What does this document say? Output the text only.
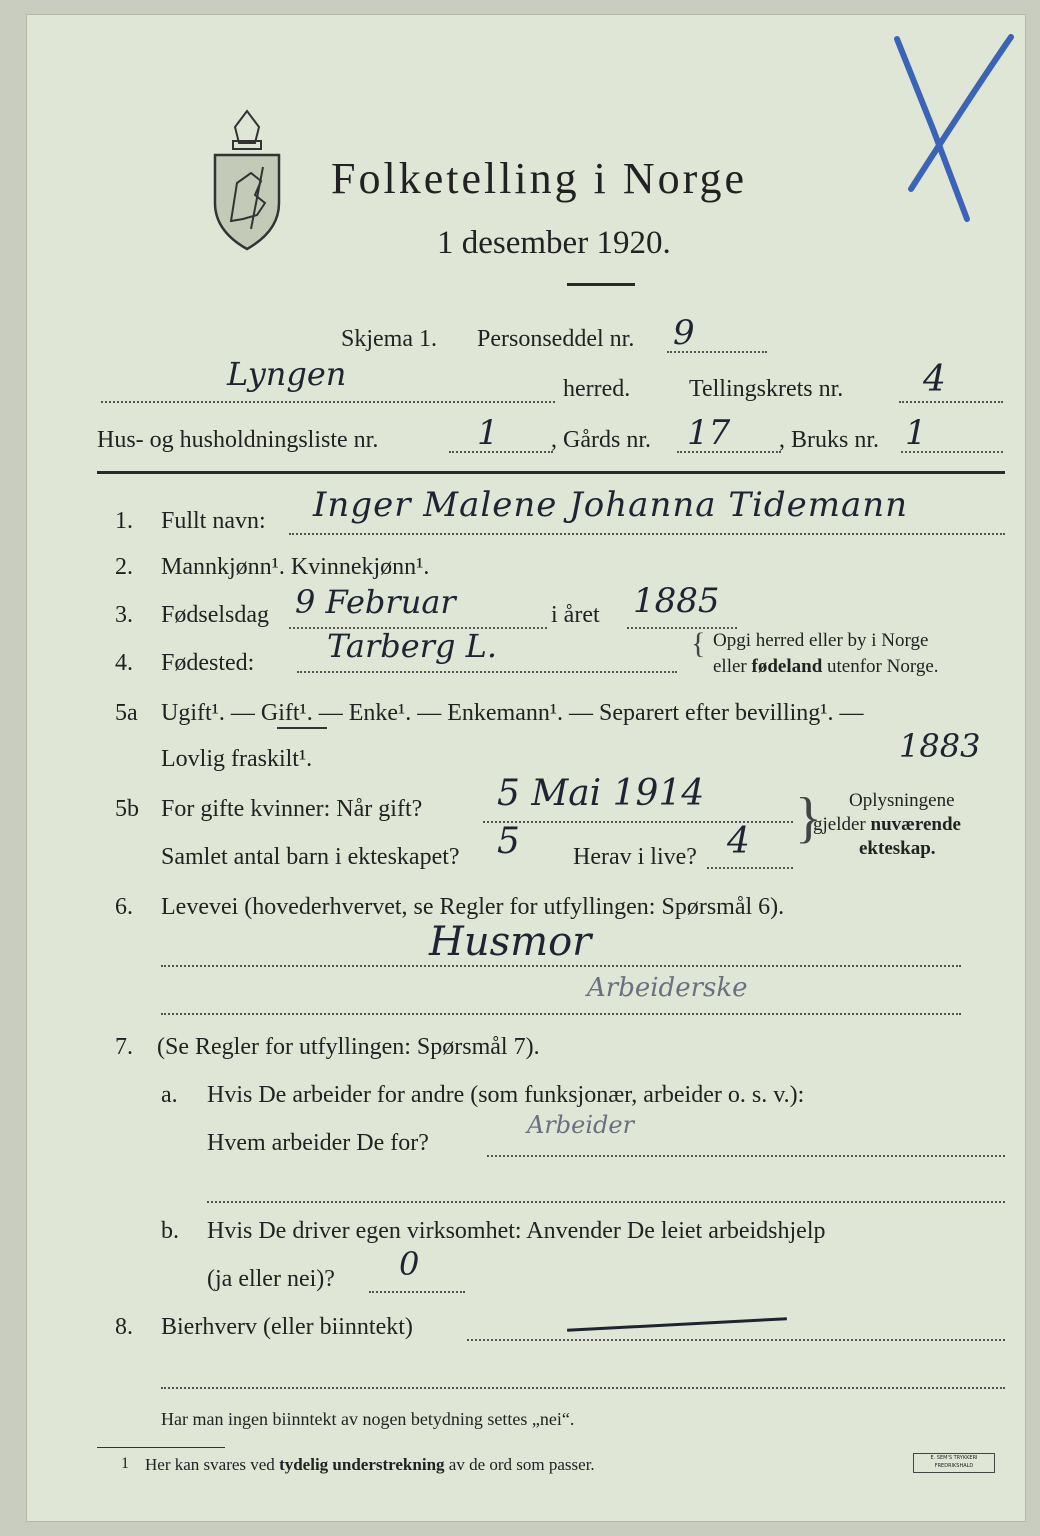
Folketelling i Norge
1 desember 1920.
Skjema 1. Personseddel nr. 9
Lyngen	herred. Tellingskrets nr. 4
Hus- og husholdningsliste nr.	1 , Gårds nr. 17 , Bruks nr. 1
1. Fullt navn: Inger Malene Johanna Tidemann
2. Mannkjønn¹. Kvinnekjønn¹.
3. Fødselsdag 9 Februar	i året 1885
4. Fødested: Tarberg L.	{ Opgi herred eller by i Norge
eller fødeland utenfor Norge.
5a Ugift¹. — Gift¹. — Enke¹. — Enkemann¹. — Separert efter bevilling¹. —
Lovlig fraskilt¹.	1883
5b For gifte kvinner: Når gift? 5 Mai 1914
Samlet antal barn i ekteskapet? 5 Herav i live? 4 } Oplysningene
gjelder nuværende
ekteskap.
6. Levevei (hovederhvervet, se Regler for utfyllingen: Spørsmål 6).
Husmor
Arbeiderske
7. (Se Regler for utfyllingen: Spørsmål 7).
a. Hvis De arbeider for andre (som funksjonær, arbeider o. s. v.):
Hvem arbeider De for?
Arbeider
b. Hvis De driver egen virksomhet: Anvender De leiet arbeidshjelp
(ja eller nei)? 0
8. Bierhverv (eller biinntekt)
Har man ingen biinntekt av nogen betydning settes „nei“.
1 Her kan svares ved tydelig understrekning av de ord som passer.	E. SEM'S TRYKKERI FREDRIKSHALD
